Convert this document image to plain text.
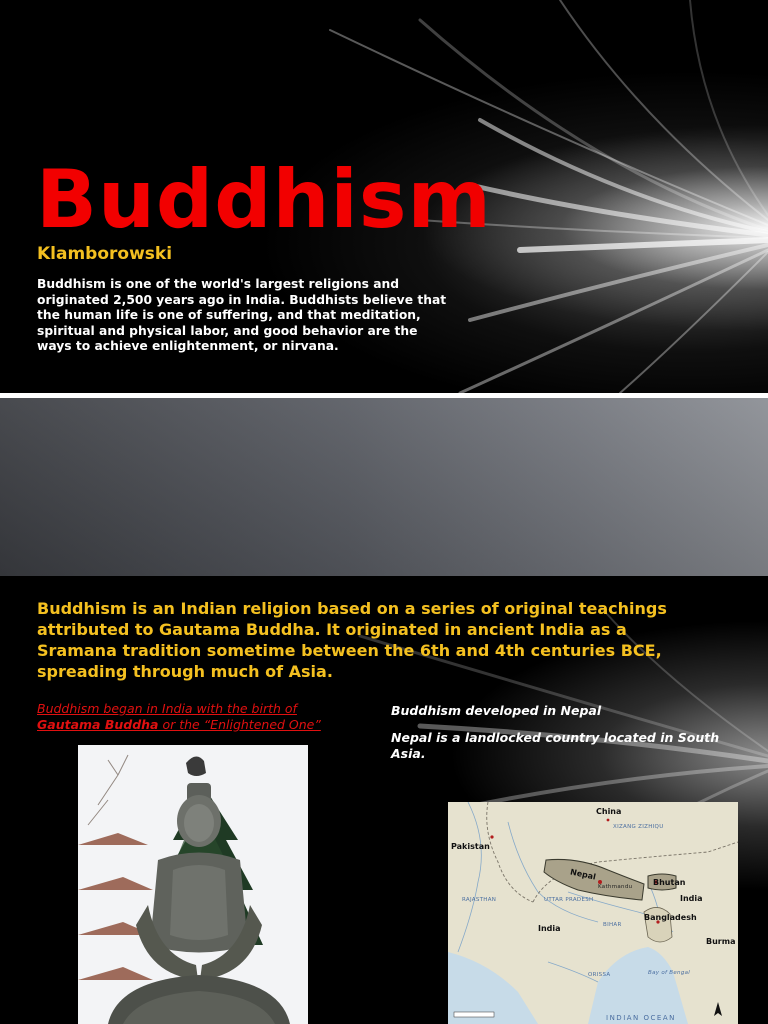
Buddhism
Klamborowski

Buddhism is one of the world's largest religions and originated 2,500 years ago in India. Buddhists believe that the human life is one of suffering, and that meditation, spiritual and physical labor, and good behavior are the ways to achieve enlightenment, or nirvana.

Buddhism is an Indian religion based on a series of original teachings attributed to Gautama Buddha. It originated in ancient India as a Sramana tradition sometime between the 6th and 4th centuries BCE, spreading through much of Asia.

Buddhism began in India with the birth of
Gautama Buddha or the “Enlightened One”
Buddhism developed in Nepal
Nepal is a landlocked country located in South Asia.
China
XIZANG ZIZHIQU
Pakistan
Nepal
Kathmandu	Bhutan
India
RAJASTHAN	UTTAR PRADESH
Bangladesh
India	BIHAR
Burma
ORISSA	Bay of Bengal
INDIAN OCEAN
